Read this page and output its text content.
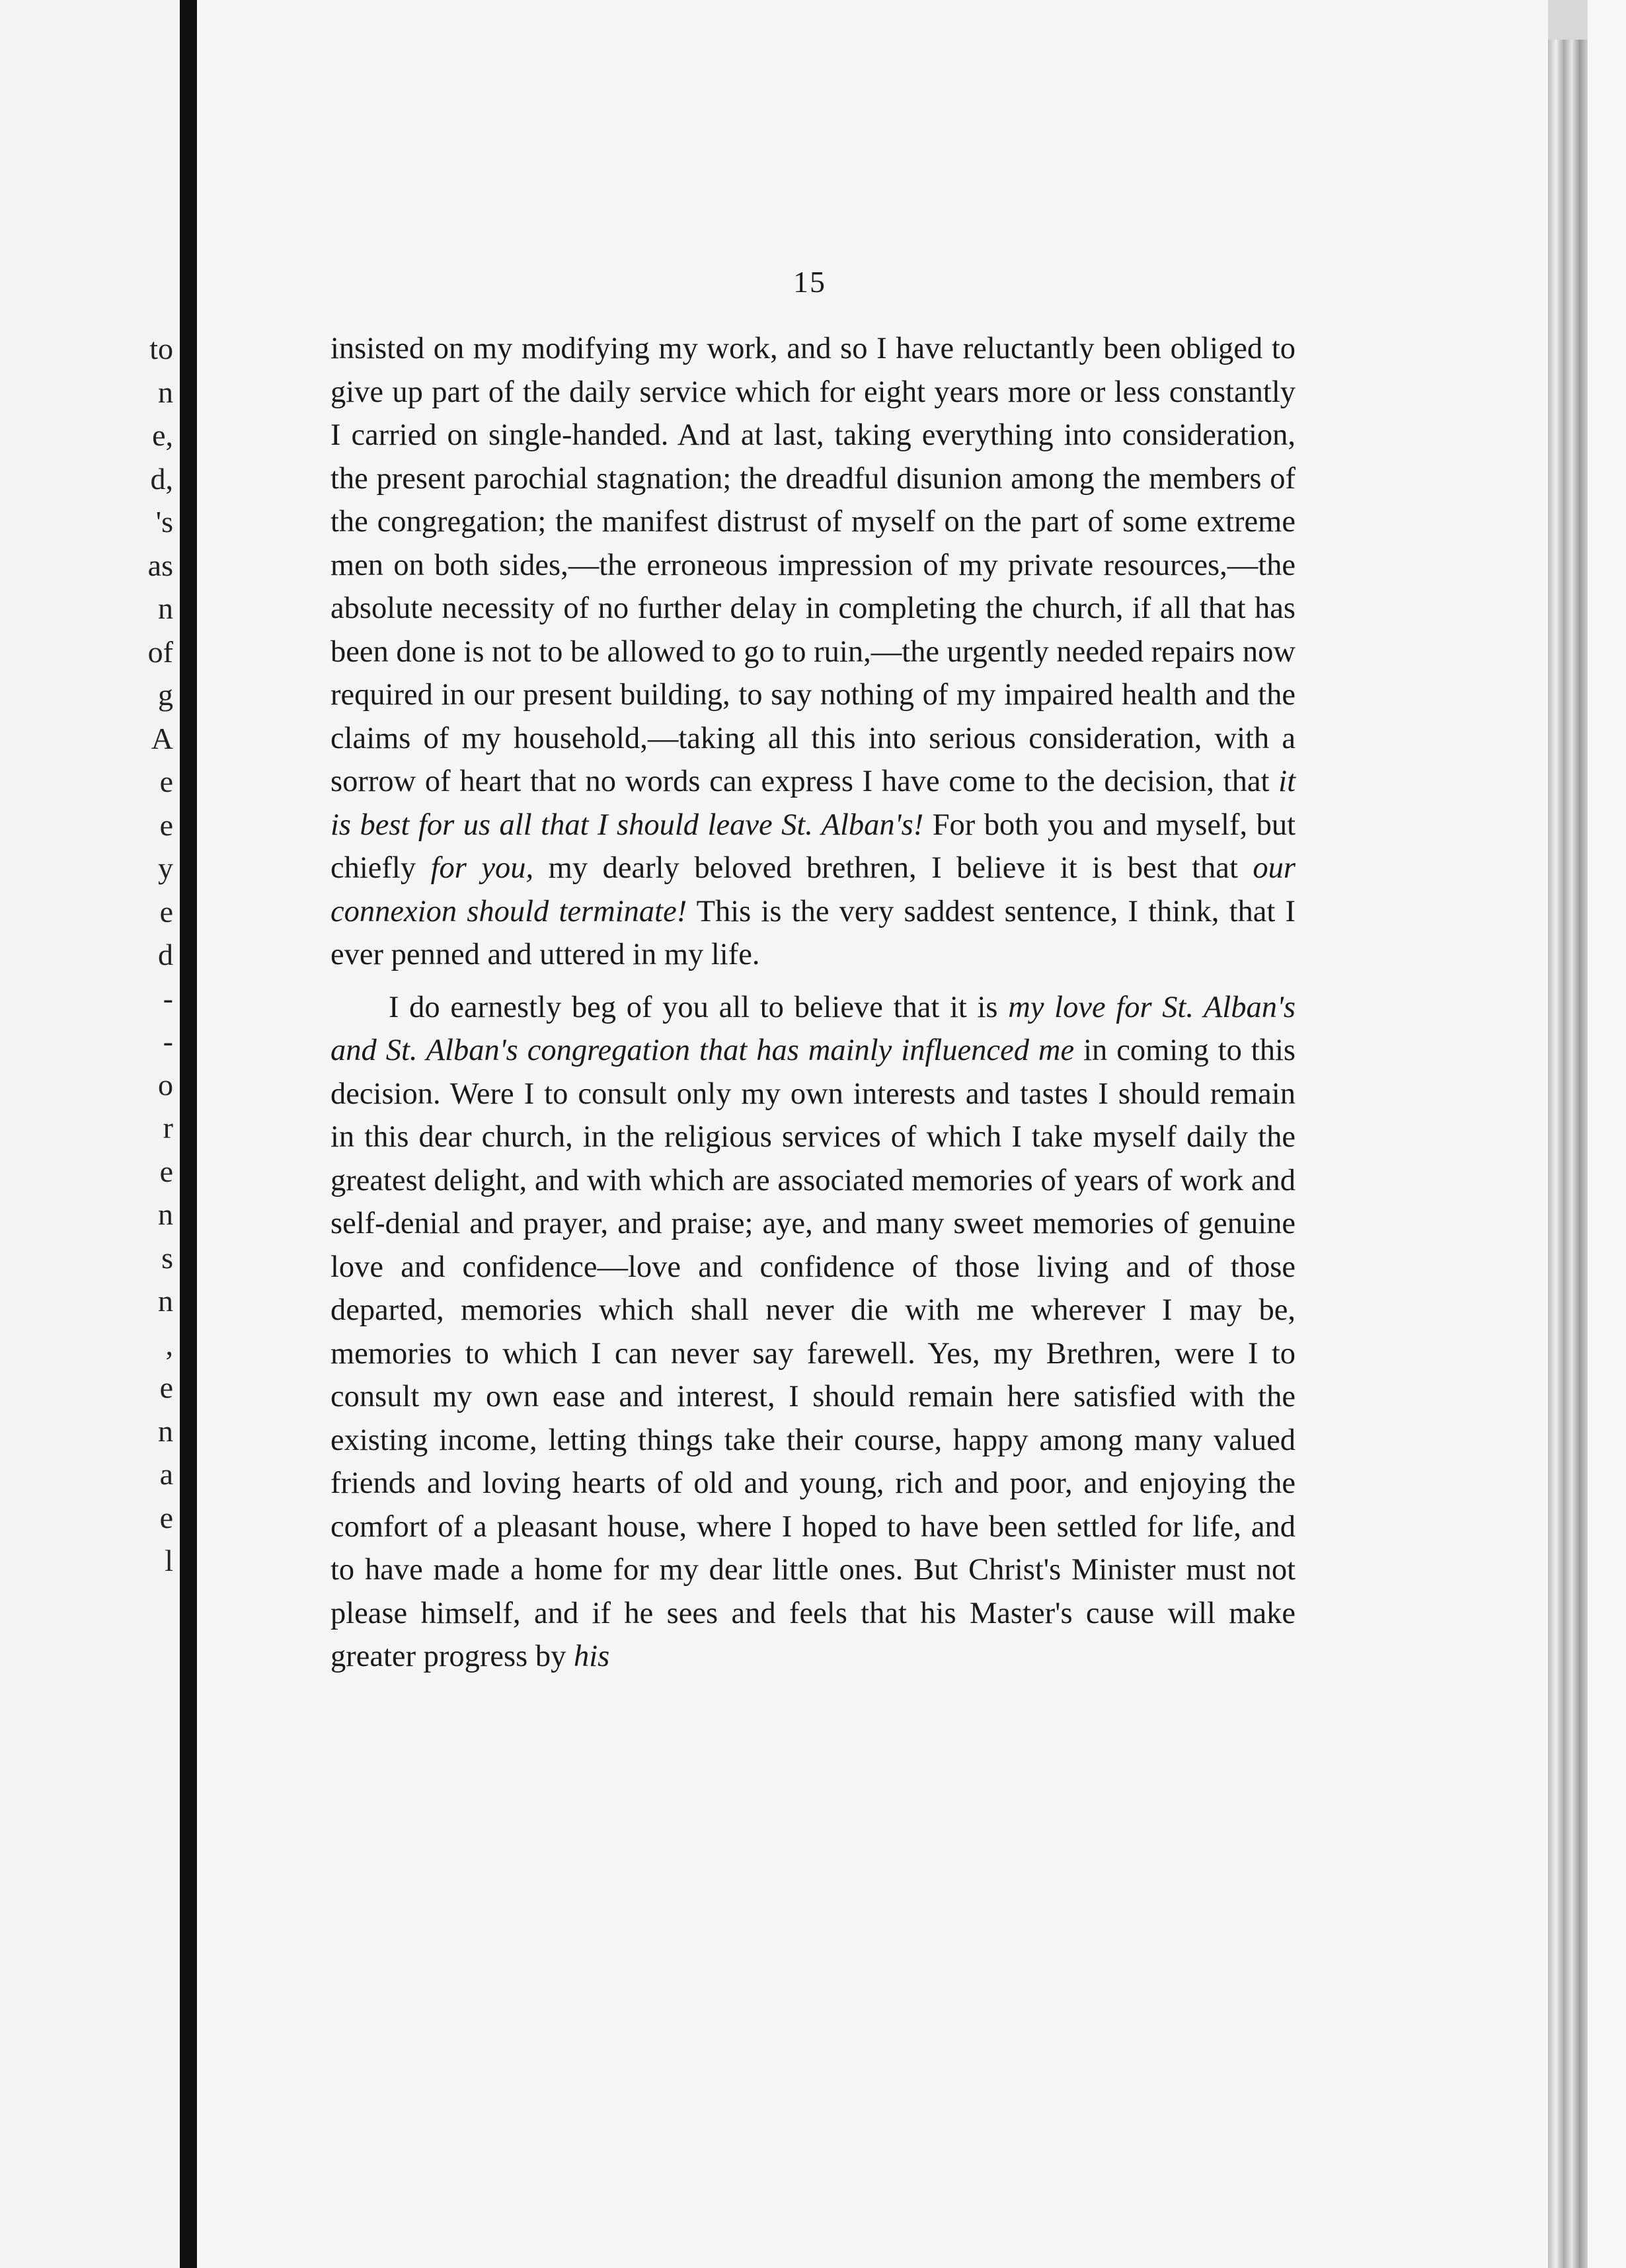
to
n
e,
d,
's
as
n
of
g
A
e
e
y
e
d
-
-
o
r
e
n
s
n
,
e
n
a
e
l
15

insisted on my modifying my work, and so I have reluctantly been obliged to give up part of the daily service which for eight years more or less constantly I carried on single-handed. And at last, taking everything into consideration, the present parochial stagnation; the dreadful disunion among the members of the congregation; the manifest distrust of myself on the part of some extreme men on both sides,—the erroneous impression of my private resources,—the absolute necessity of no further delay in completing the church, if all that has been done is not to be allowed to go to ruin,—the urgently needed repairs now required in our present building, to say nothing of my impaired health and the claims of my household,—taking all this into serious consideration, with a sorrow of heart that no words can express I have come to the decision, that it is best for us all that I should leave St. Alban's! For both you and myself, but chiefly for you, my dearly beloved brethren, I believe it is best that our connexion should terminate! This is the very saddest sentence, I think, that I ever penned and uttered in my life.

I do earnestly beg of you all to believe that it is my love for St. Alban's and St. Alban's congregation that has mainly influenced me in coming to this decision. Were I to consult only my own interests and tastes I should remain in this dear church, in the religious services of which I take myself daily the greatest delight, and with which are associated memories of years of work and self-denial and prayer, and praise; aye, and many sweet memories of genuine love and confidence—love and confidence of those living and of those departed, memories which shall never die with me wherever I may be, memories to which I can never say farewell. Yes, my Brethren, were I to consult my own ease and interest, I should remain here satisfied with the existing income, letting things take their course, happy among many valued friends and loving hearts of old and young, rich and poor, and enjoying the comfort of a pleasant house, where I hoped to have been settled for life, and to have made a home for my dear little ones. But Christ's Minister must not please himself, and if he sees and feels that his Master's cause will make greater progress by his
